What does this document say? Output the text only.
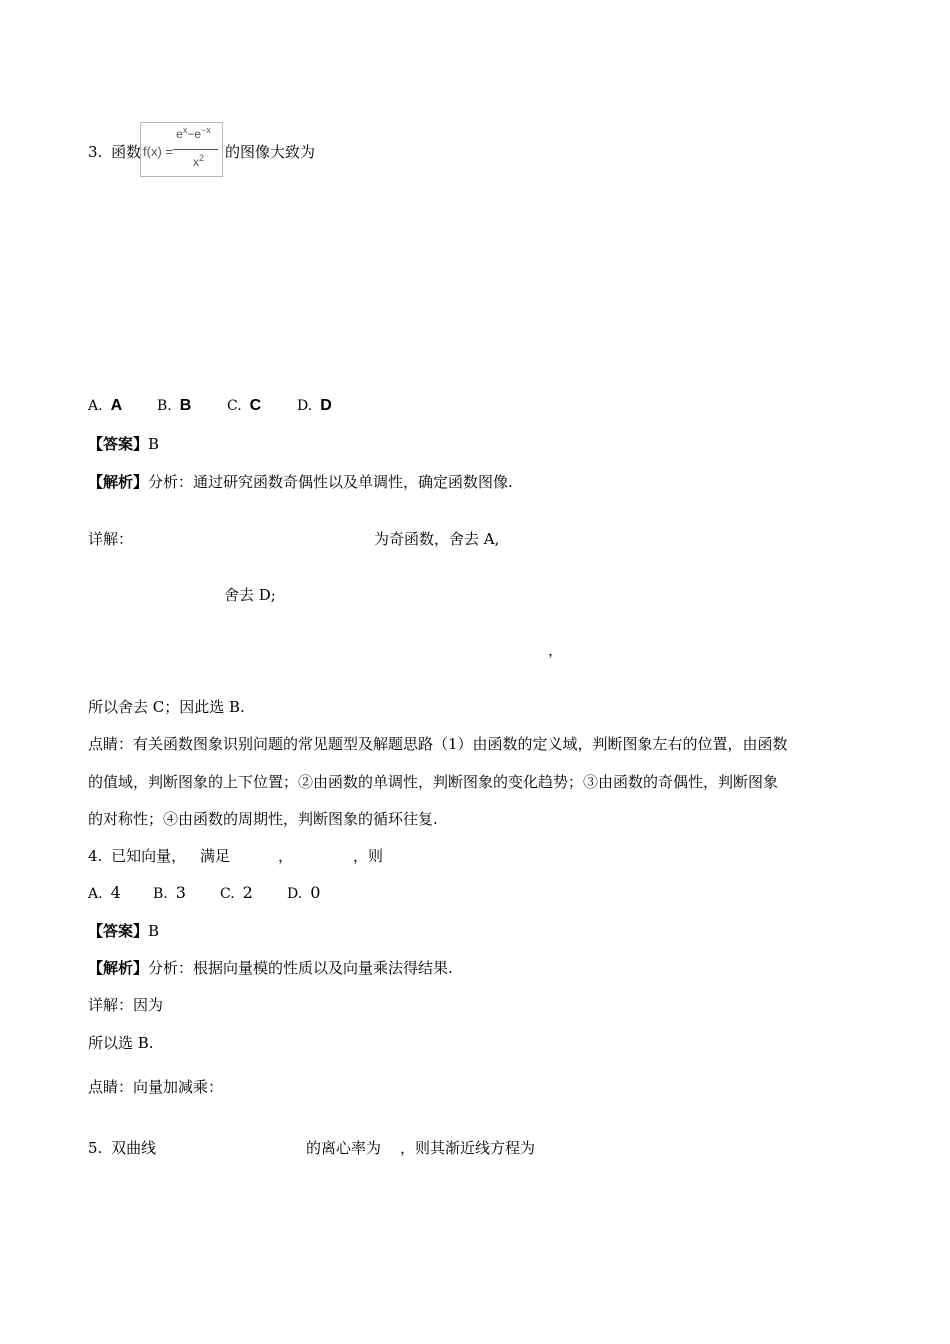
3. 函数 f(x) =
$e^x-e^{-x}$
$x^2$ 的图像大致为
A. A B. B	C. C	D. D
【答案】B
【解析】分析：通过研究函数奇偶性以及单调性，确定函数图像.
详解：	为奇函数，舍去 A,
舍去 D;
，
所以舍去 C；因此选 B.
点睛：有关函数图象识别问题的常见题型及解题思路（1）由函数的定义域，判断图象左右的位置，由函数
的值域，判断图象的上下位置；②由函数的单调性，判断图象的变化趋势；③由函数的奇偶性，判断图象
的对称性；④由函数的周期性，判断图象的循环往复.
4. 已知向量， 满足	，	，则
A. 4 B. 3 C. 2 D. 0
【答案】B
【解析】分析：根据向量模的性质以及向量乘法得结果.
详解：因为
所以选 B.
点睛：向量加减乘：
5. 双曲线	的离心率为 ，则其渐近线方程为
